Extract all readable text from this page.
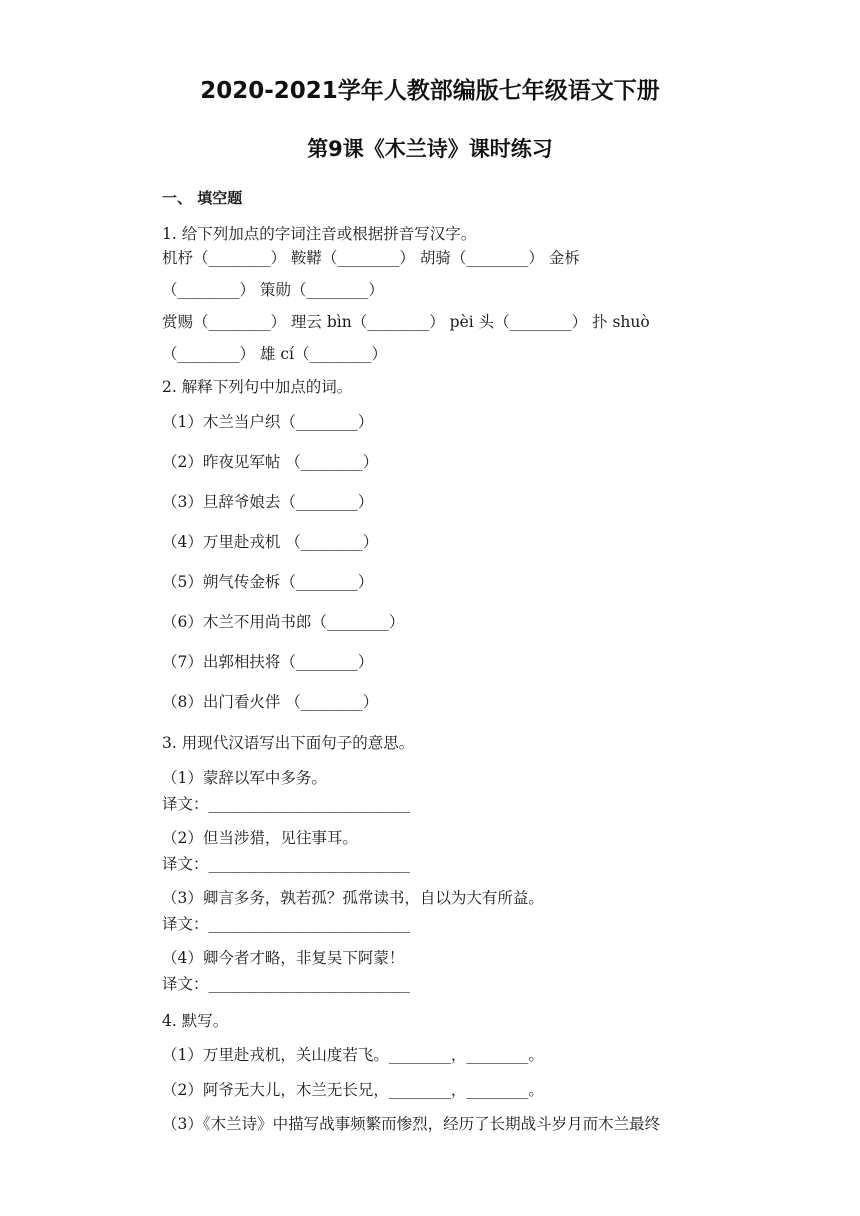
2020-2021学年人教部编版七年级语文下册
第9课《木兰诗》课时练习
一、 填空题
1. 给下列加点的字词注音或根据拼音写汉字。
机杼（________） 鞍鞯（________） 胡骑（________） 金柝
（________） 策勋（________）
赏赐（________） 理云 bìn（________） pèi 头（________） 扑 shuò
（________） 雄 cí（________）
2. 解释下列句中加点的词。
（1）木兰当户织（________）
（2）昨夜见军帖 （________）
（3）旦辞爷娘去（________）
（4）万里赴戎机 （________）
（5）朔气传金柝（________）
（6）木兰不用尚书郎（________）
（7）出郭相扶将（________）
（8）出门看火伴 （________）
3. 用现代汉语写出下面句子的意思。
（1）蒙辞以军中多务。
译文：__________________________
（2）但当涉猎，见往事耳。
译文：__________________________
（3）卿言多务，孰若孤？孤常读书，自以为大有所益。
译文：__________________________
（4）卿今者才略，非复吴下阿蒙！
译文：__________________________
4. 默写。
（1）万里赴戎机，关山度若飞。________，________。
（2）阿爷无大儿，木兰无长兄，________，________。
（3）《木兰诗》中描写战事频繁而惨烈，经历了长期战斗岁月而木兰最终
